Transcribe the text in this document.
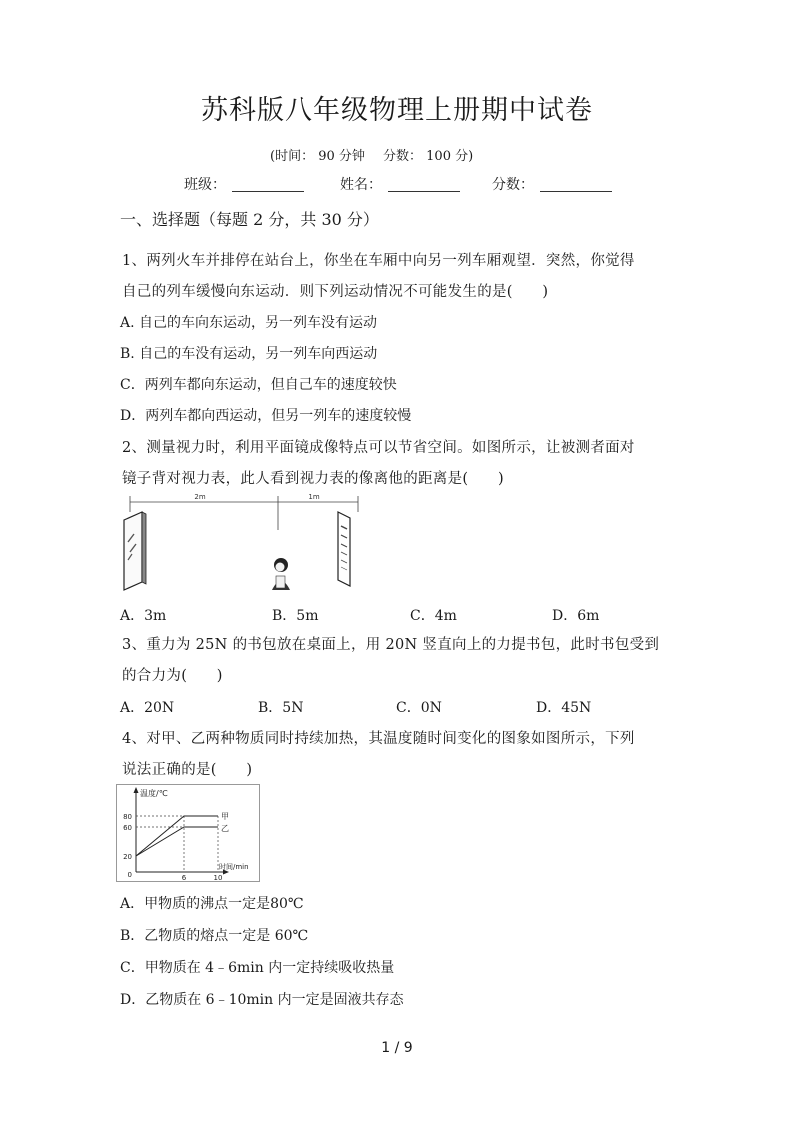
苏科版八年级物理上册期中试卷
(时间： 90 分钟 分数： 100 分)
班级：	姓名：	分数：
一、选择题（每题 2 分，共 30 分）
1、两列火车并排停在站台上，你坐在车厢中向另一列车厢观望．突然，你觉得
自己的列车缓慢向东运动．则下列运动情况不可能发生的是(　　)
A. 自己的车向东运动，另一列车没有运动
B. 自己的车没有运动，另一列车向西运动
C．两列车都向东运动，但自己车的速度较快
D．两列车都向西运动，但另一列车的速度较慢
2、测量视力时，利用平面镜成像特点可以节省空间。如图所示，让被测者面对
镜子背对视力表，此人看到视力表的像离他的距离是(　　)
2m	1m
A．3m	B．5m	C．4m	D．6m
3、重力为 25N 的书包放在桌面上，用 20N 竖直向上的力提书包，此时书包受到
的合力为(　　)
A．20N	B．5N	C．0N	D．45N
4、对甲、乙两种物质同时持续加热，其温度随时间变化的图象如图所示，下列
说法正确的是(　　)
温度/℃
时间/min
80
60
20
0	6	10
甲
乙
A．甲物质的沸点一定是80℃
B．乙物质的熔点一定是 60℃
C．甲物质在 4﹣6min 内一定持续吸收热量
D．乙物质在 6﹣10min 内一定是固液共存态
1 / 9
